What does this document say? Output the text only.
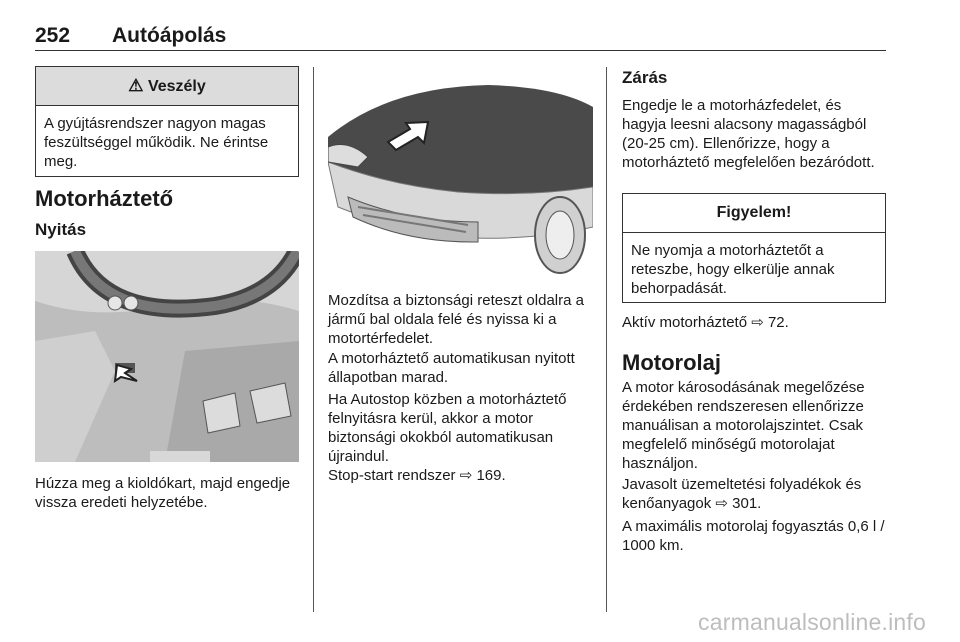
252 Autóápolás
⚠ Veszély
A gyújtásrendszer nagyon magas feszültséggel működik. Ne érintse meg.
Motorháztető
Nyitás
Húzza meg a kioldókart, majd engedje vissza eredeti helyzetébe.
Mozdítsa a biztonsági reteszt oldalra a jármű bal oldala felé és nyissa ki a motortérfedelet.
A motorháztető automatikusan nyitott állapotban marad.
Ha Autostop közben a motorháztető felnyitásra kerül, akkor a motor biztonsági okokból automatikusan újraindul.
Stop-start rendszer ⇨ 169.
Zárás
Engedje le a motorházfedelet, és hagyja leesni alacsony magasságból (20-25 cm). Ellenőrizze, hogy a motorháztető megfelelően bezáródott.
Figyelem!
Ne nyomja a motorháztetőt a reteszbe, hogy elkerülje annak behorpadását.
Aktív motorháztető ⇨ 72.
Motorolaj
A motor károsodásának megelőzése érdekében rendszeresen ellenőrizze manuálisan a motorolajszintet. Csak megfelelő minőségű motorolajat használjon.
Javasolt üzemeltetési folyadékok és kenőanyagok ⇨ 301.
A maximális motorolaj fogyasztás 0,6 l / 1000 km.
carmanualsonline.info
